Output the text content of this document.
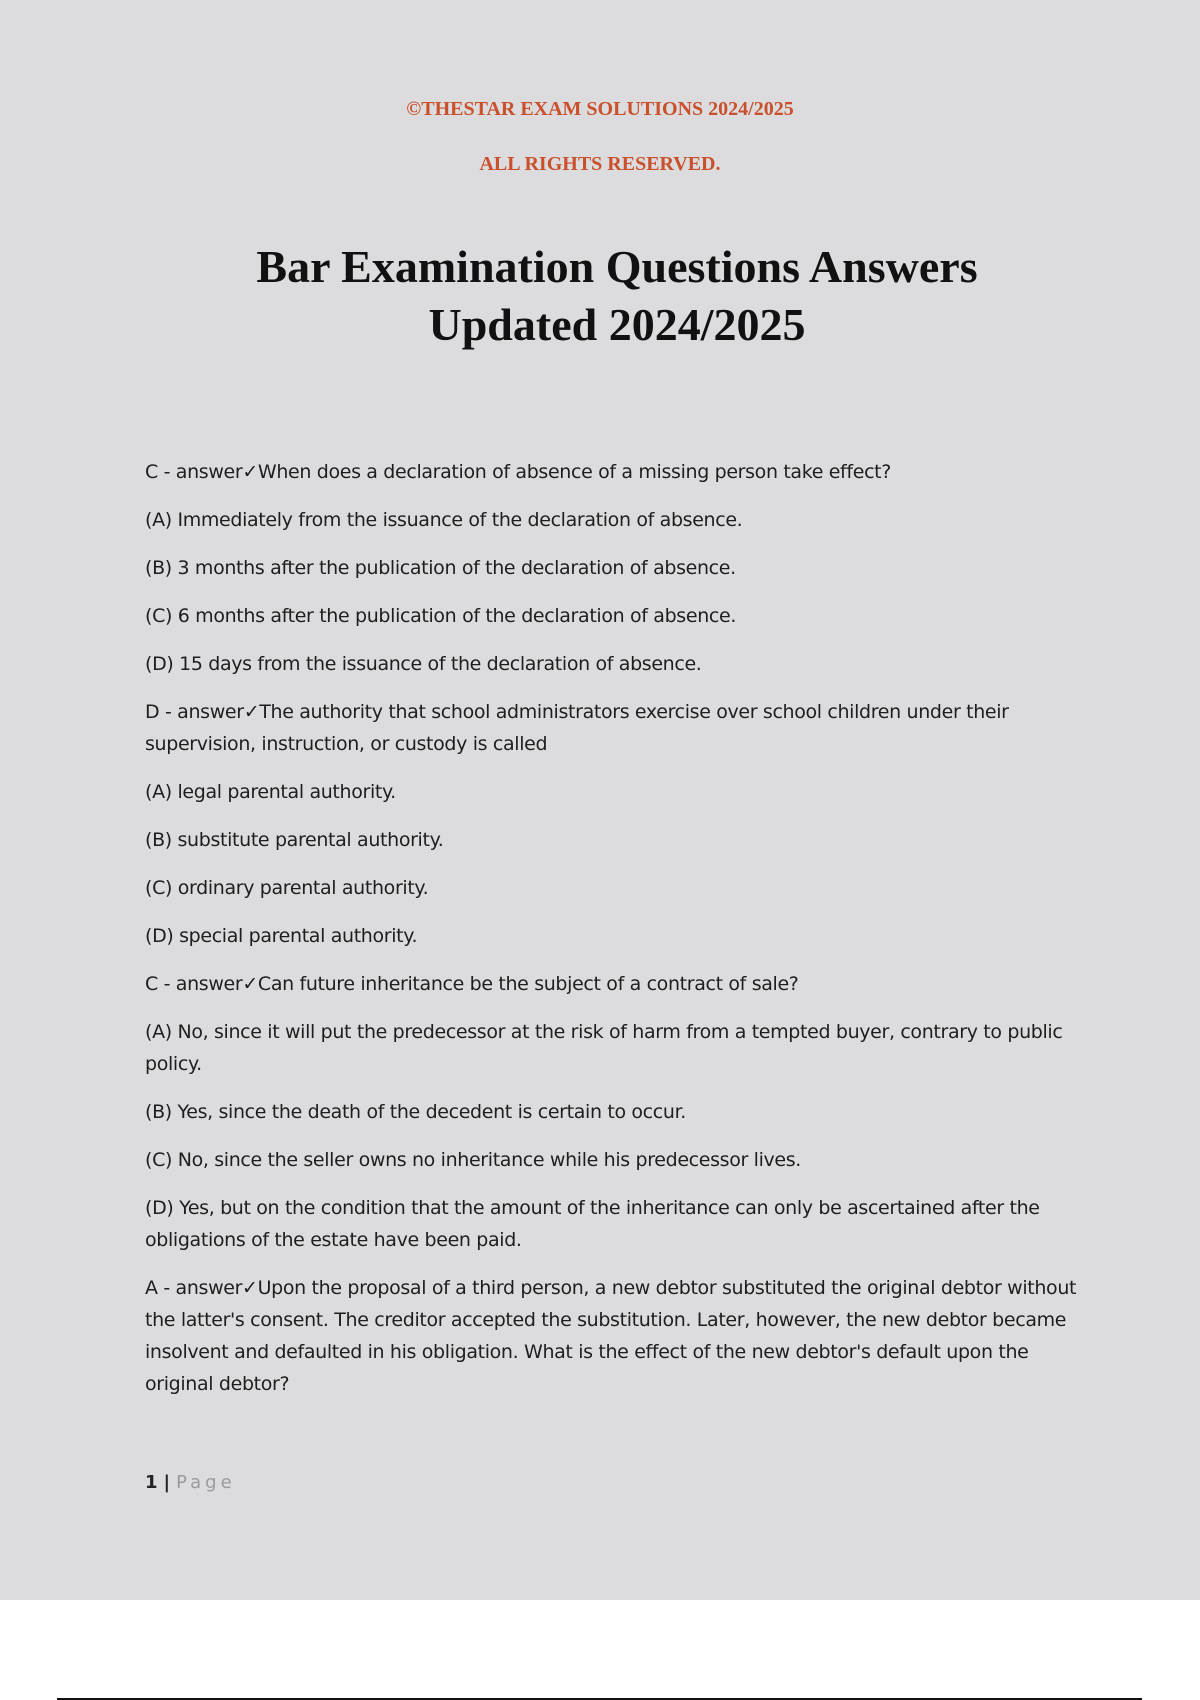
©THESTAR EXAM SOLUTIONS 2024/2025
ALL RIGHTS RESERVED.
Bar Examination Questions Answers
Updated 2024/2025

C - answer✓When does a declaration of absence of a missing person take effect?

(A) Immediately from the issuance of the declaration of absence.

(B) 3 months after the publication of the declaration of absence.

(C) 6 months after the publication of the declaration of absence.

(D) 15 days from the issuance of the declaration of absence.

D - answer✓The authority that school administrators exercise over school children under their supervision, instruction, or custody is called

(A) legal parental authority.

(B) substitute parental authority.

(C) ordinary parental authority.

(D) special parental authority.

C - answer✓Can future inheritance be the subject of a contract of sale?

(A) No, since it will put the predecessor at the risk of harm from a tempted buyer, contrary to public policy.

(B) Yes, since the death of the decedent is certain to occur.

(C) No, since the seller owns no inheritance while his predecessor lives.

(D) Yes, but on the condition that the amount of the inheritance can only be ascertained after the obligations of the estate have been paid.

A - answer✓Upon the proposal of a third person, a new debtor substituted the original debtor without the latter's consent. The creditor accepted the substitution. Later, however, the new debtor became insolvent and defaulted in his obligation. What is the effect of the new debtor's default upon the original debtor?

1 | Page
